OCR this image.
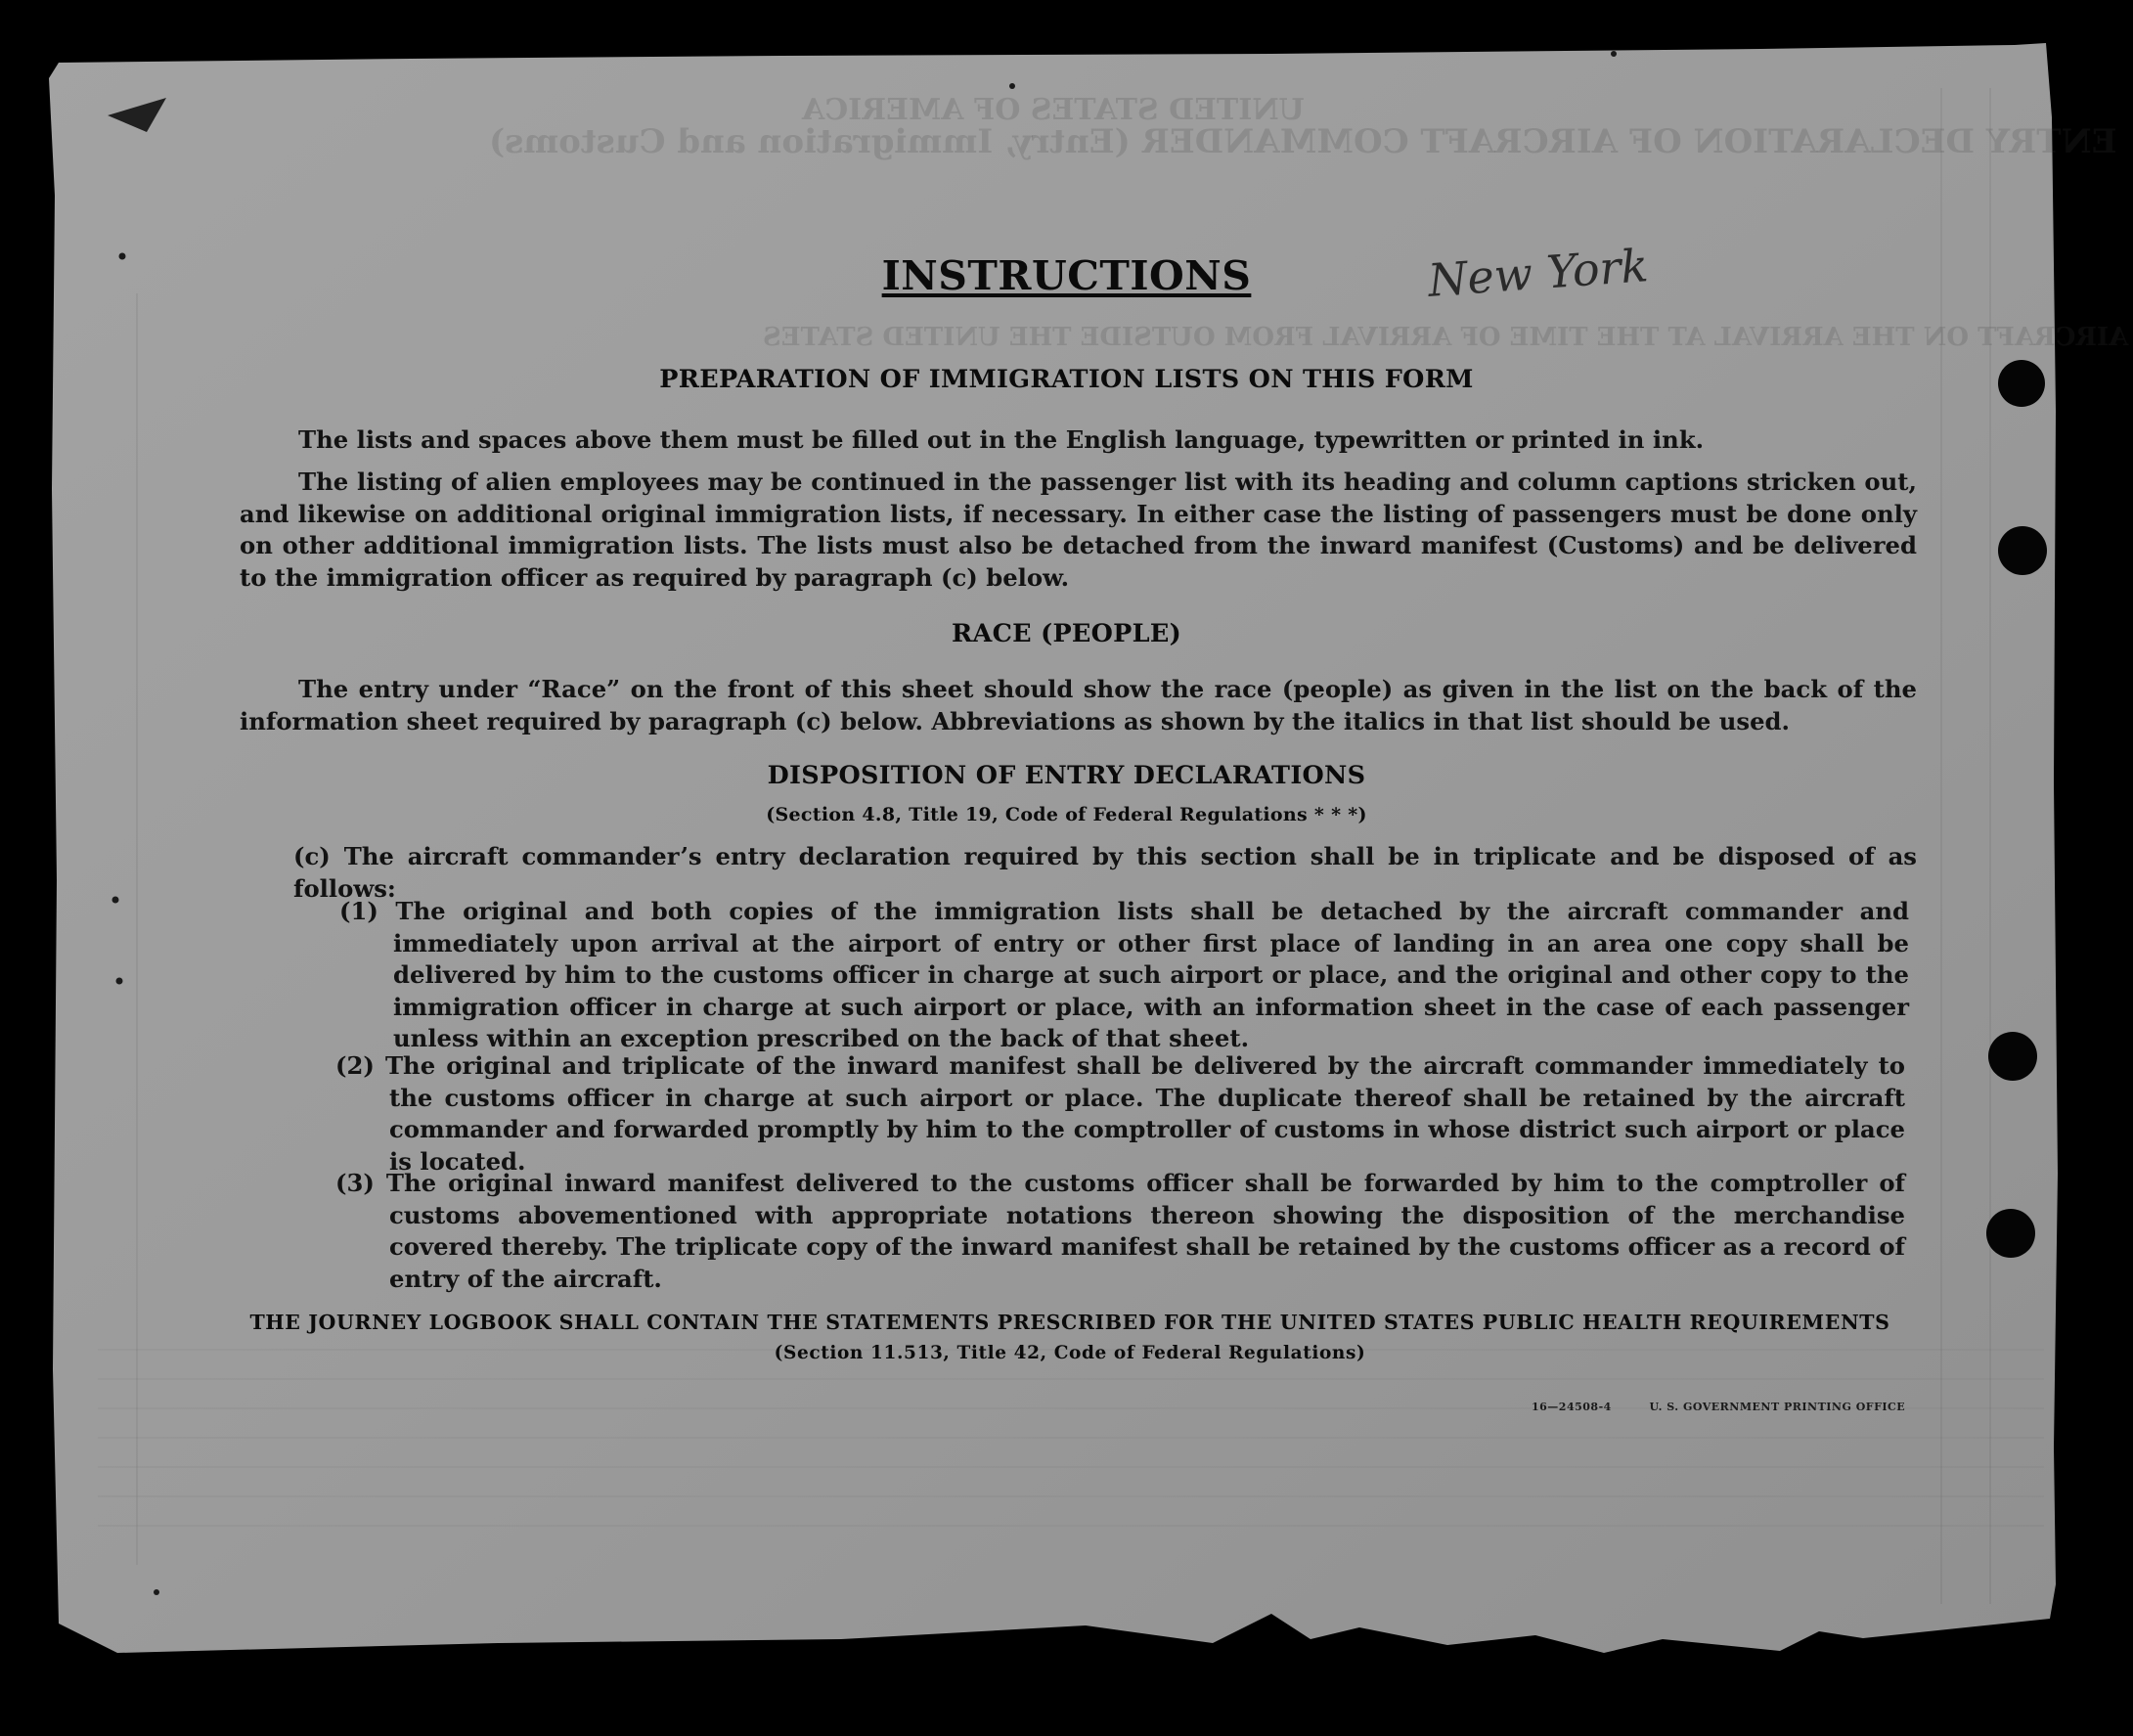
UNITED STATES OF AMERICA
ENTRY DECLARATION OF AIRCRAFT COMMANDER (Entry, Immigration and Customs)
AIRCRAFT ON THE ARRIVAL AT THE TIME OF ARRIVAL FROM OUTSIDE THE UNITED STATES
New York
INSTRUCTIONS
PREPARATION OF IMMIGRATION LISTS ON THIS FORM

The lists and spaces above them must be filled out in the English language, typewritten or printed in ink.

The listing of alien employees may be continued in the passenger list with its heading and column captions stricken out, and likewise on additional original immigration lists, if necessary. In either case the listing of passengers must be done only on other additional immigration lists. The lists must also be detached from the inward manifest (Customs) and be delivered to the immigration officer as required by paragraph (c) below.

RACE (PEOPLE)

The entry under “Race” on the front of this sheet should show the race (people) as given in the list on the back of the information sheet required by paragraph (c) below. Abbreviations as shown by the italics in that list should be used.

DISPOSITION OF ENTRY DECLARATIONS
(Section 4.8, Title 19, Code of Federal Regulations * * *)

(c) The aircraft commander’s entry declaration required by this section shall be in triplicate and be disposed of as follows:

(1) The original and both copies of the immigration lists shall be detached by the aircraft commander and immediately upon arrival at the airport of entry or other first place of landing in an area one copy shall be delivered by him to the customs officer in charge at such airport or place, and the original and other copy to the immigration officer in charge at such airport or place, with an information sheet in the case of each passenger unless within an exception prescribed on the back of that sheet.

(2) The original and triplicate of the inward manifest shall be delivered by the aircraft commander immediately to the customs officer in charge at such airport or place. The duplicate thereof shall be retained by the aircraft commander and forwarded promptly by him to the comptroller of customs in whose district such airport or place is located.

(3) The original inward manifest delivered to the customs officer shall be forwarded by him to the comptroller of customs abovementioned with appropriate notations thereon showing the disposition of the merchandise covered thereby. The triplicate copy of the inward manifest shall be retained by the customs officer as a record of entry of the aircraft.

THE JOURNEY LOGBOOK SHALL CONTAIN THE STATEMENTS PRESCRIBED FOR THE UNITED STATES PUBLIC HEALTH REQUIREMENTS
(Section 11.513, Title 42, Code of Federal Regulations)
16—24508-4	U. S. GOVERNMENT PRINTING OFFICE
